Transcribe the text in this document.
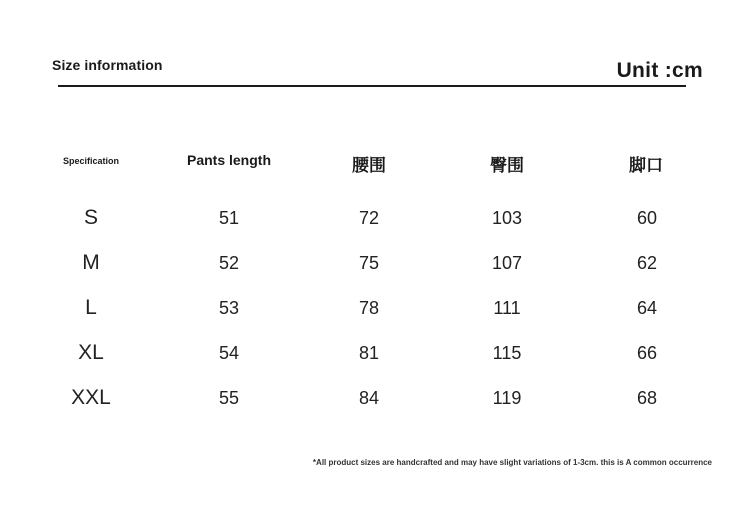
Size information	Unit :cm
Specification	Pants length	腰围	臀围	脚口
S	51	72	103	60
M	52	75	107	62
L	53	78	111	64
XL	54	81	115	66
XXL	55	84	119	68
*All product sizes are handcrafted and may have slight variations of 1-3cm. this is A common occurrence
